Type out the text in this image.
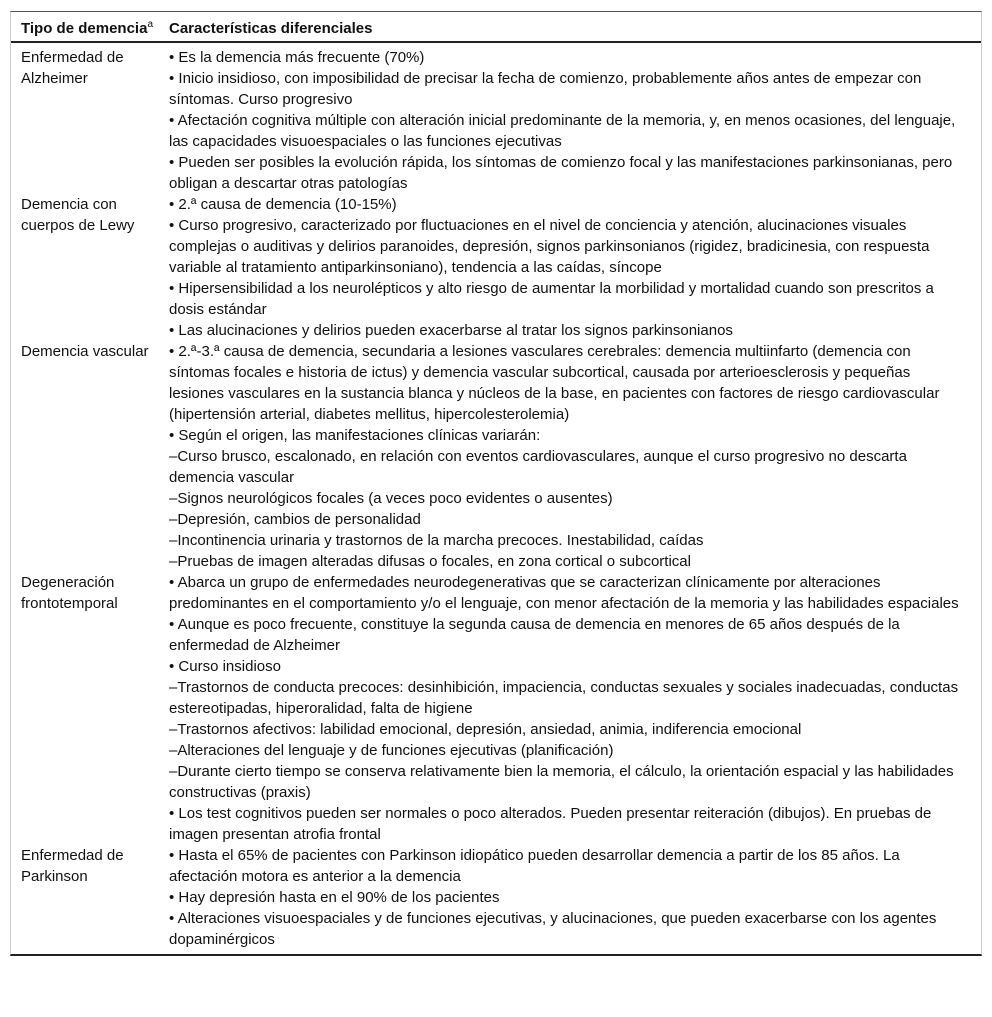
Tipo de demencia$^a$	Características diferenciales
Enfermedad de Alzheimer
• Es la demencia más frecuente (70%)
• Inicio insidioso, con imposibilidad de precisar la fecha de comienzo, probablemente años antes de empezar con síntomas. Curso progresivo
• Afectación cognitiva múltiple con alteración inicial predominante de la memoria, y, en menos ocasiones, del lenguaje, las capacidades visuoespaciales o las funciones ejecutivas
• Pueden ser posibles la evolución rápida, los síntomas de comienzo focal y las manifestaciones parkinsonianas, pero obligan a descartar otras patologías
Demencia con cuerpos de Lewy
• 2.ª causa de demencia (10-15%)
• Curso progresivo, caracterizado por fluctuaciones en el nivel de conciencia y atención, alucinaciones visuales complejas o auditivas y delirios paranoides, depresión, signos parkinsonianos (rigidez, bradicinesia, con respuesta variable al tratamiento antiparkinsoniano), tendencia a las caídas, síncope
• Hipersensibilidad a los neurolépticos y alto riesgo de aumentar la morbilidad y mortalidad cuando son prescritos a dosis estándar
• Las alucinaciones y delirios pueden exacerbarse al tratar los signos parkinsonianos
Demencia vascular	• 2.ª-3.ª causa de demencia, secundaria a lesiones vasculares cerebrales: demencia multiinfarto (demencia con síntomas focales e historia de ictus) y demencia vascular subcortical, causada por arterioesclerosis y pequeñas lesiones vasculares en la sustancia blanca y núcleos de la base, en pacientes con factores de riesgo cardiovascular (hipertensión arterial, diabetes mellitus, hipercolesterolemia)
• Según el origen, las manifestaciones clínicas variarán:
–Curso brusco, escalonado, en relación con eventos cardiovasculares, aunque el curso progresivo no descarta demencia vascular
–Signos neurológicos focales (a veces poco evidentes o ausentes)
–Depresión, cambios de personalidad
–Incontinencia urinaria y trastornos de la marcha precoces. Inestabilidad, caídas
–Pruebas de imagen alteradas difusas o focales, en zona cortical o subcortical
Degeneración frontotemporal
• Abarca un grupo de enfermedades neurodegenerativas que se caracterizan clínicamente por alteraciones predominantes en el comportamiento y/o el lenguaje, con menor afectación de la memoria y las habilidades espaciales
• Aunque es poco frecuente, constituye la segunda causa de demencia en menores de 65 años después de la enfermedad de Alzheimer
• Curso insidioso
–Trastornos de conducta precoces: desinhibición, impaciencia, conductas sexuales y sociales inadecuadas, conductas estereotipadas, hiperoralidad, falta de higiene
–Trastornos afectivos: labilidad emocional, depresión, ansiedad, animia, indiferencia emocional
–Alteraciones del lenguaje y de funciones ejecutivas (planificación)
–Durante cierto tiempo se conserva relativamente bien la memoria, el cálculo, la orientación espacial y las habilidades constructivas (praxis)
• Los test cognitivos pueden ser normales o poco alterados. Pueden presentar reiteración (dibujos). En pruebas de imagen presentan atrofia frontal
Enfermedad de Parkinson
• Hasta el 65% de pacientes con Parkinson idiopático pueden desarrollar demencia a partir de los 85 años. La afectación motora es anterior a la demencia
• Hay depresión hasta en el 90% de los pacientes
• Alteraciones visuoespaciales y de funciones ejecutivas, y alucinaciones, que pueden exacerbarse con los agentes dopaminérgicos
